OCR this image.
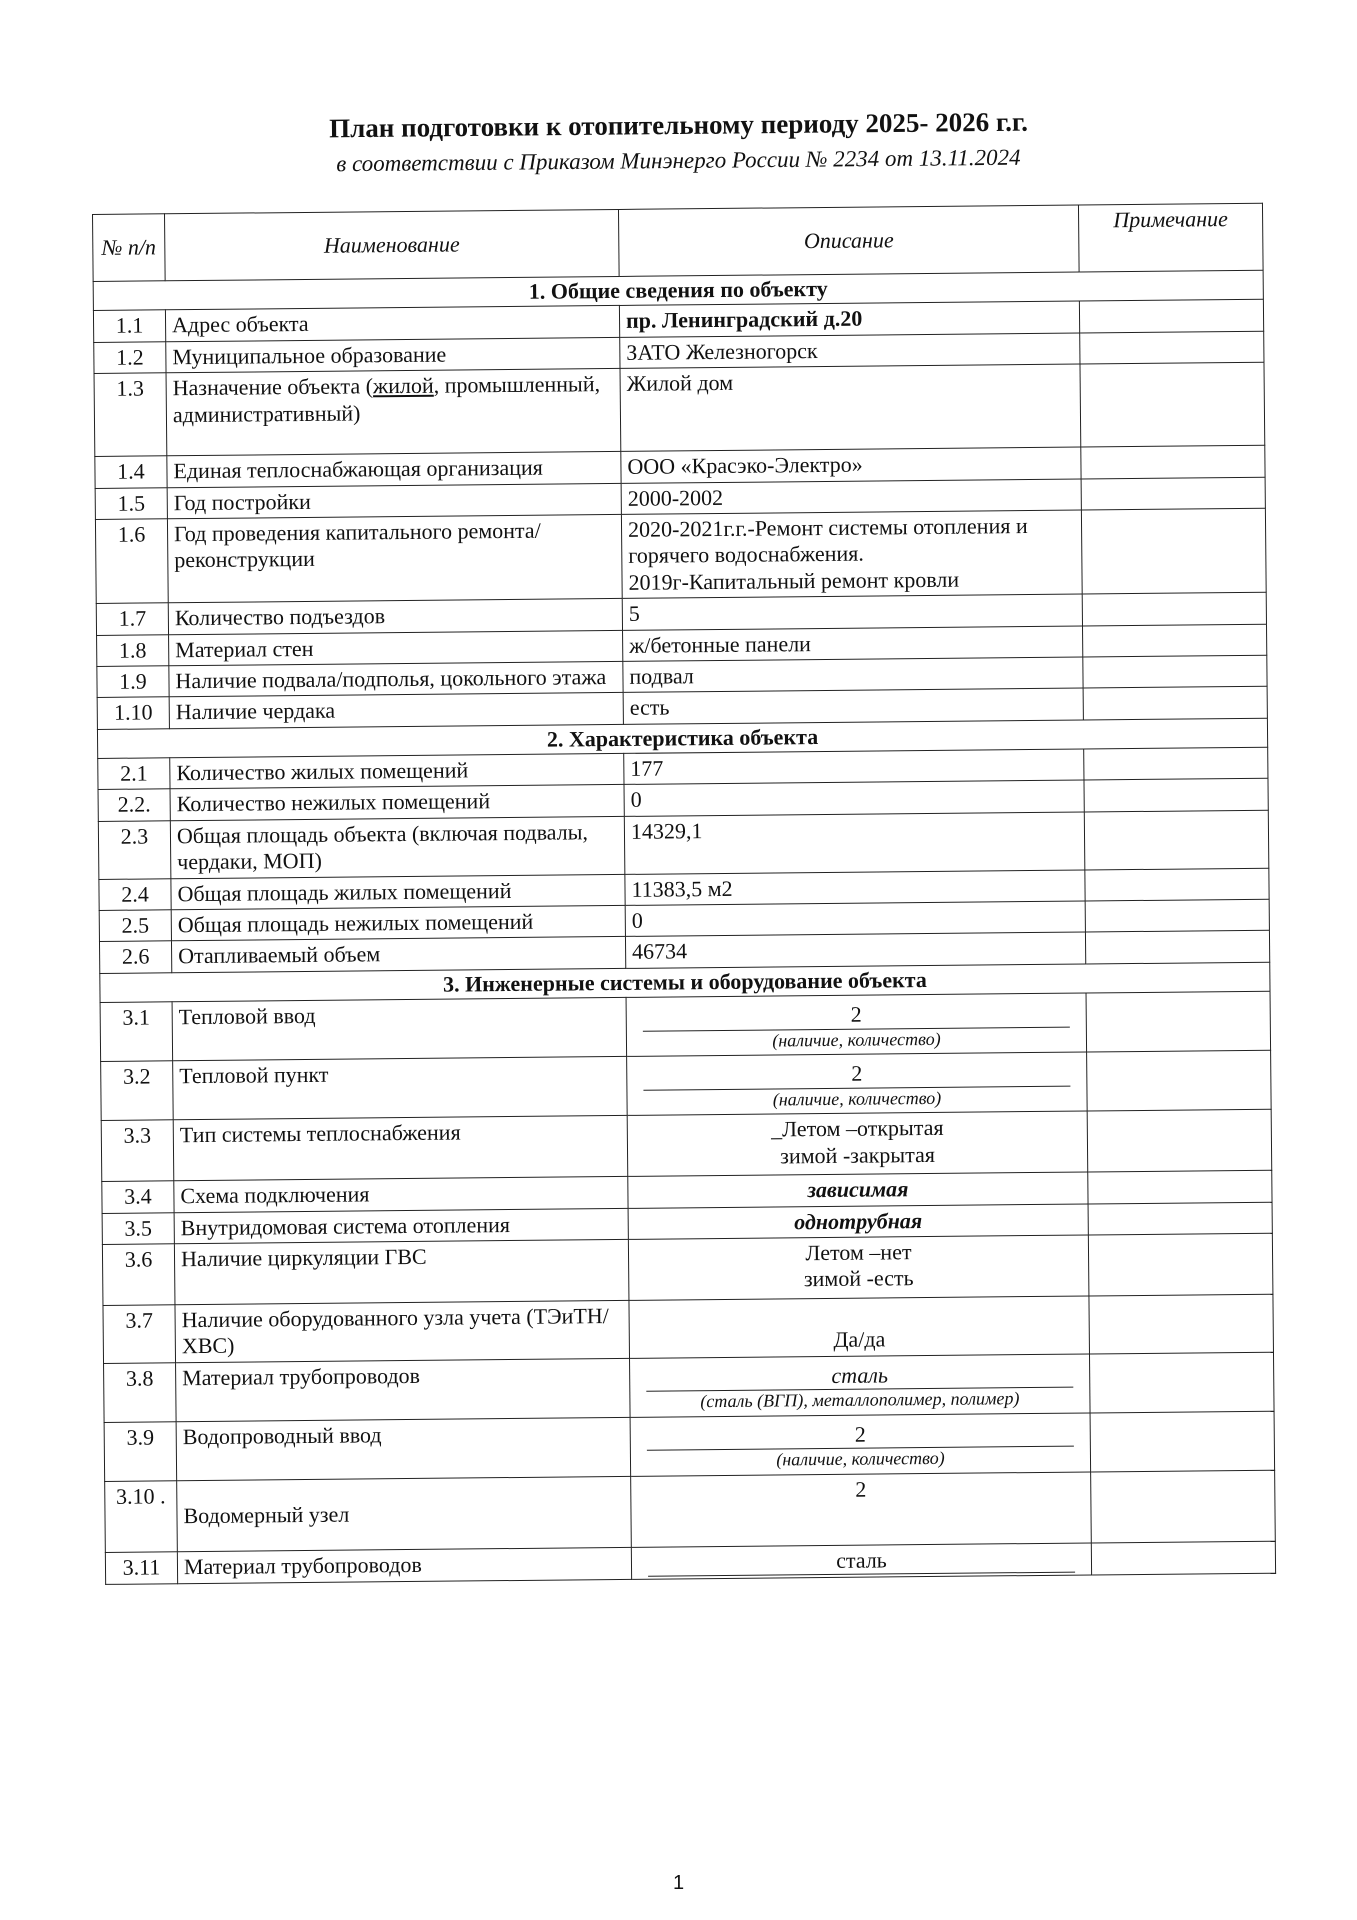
План подготовки к отопительному периоду 2025- 2026 г.г.
в соответствии с Приказом Минэнерго России № 2234 от 13.11.2024
№ п/п	Наименование	Описание	Примечание
1. Общие сведения по объекту			
1.1	Адрес объекта	пр. Ленинградский д.20	
1.2	Муниципальное образование	ЗАТО Железногорск	
1.3	Назначение объекта (жилой, промышленный, административный)	Жилой дом	
1.4	Единая теплоснабжающая организация	ООО «Красэко-Электро»	
1.5	Год постройки	2000-2002	
1.6	Год проведения капитального ремонта/реконструкции	2020-2021г.г.-Ремонт системы отопления и горячего водоснабжения.
2019г-Капитальный ремонт кровли	

1.7	Количество подъездов	5	
1.8	Материал стен	ж/бетонные панели	
1.9	Наличие подвала/подполья, цокольного этажа	подвал	
1.10	Наличие чердака	есть	
2. Характеристика объекта			
2.1	Количество жилых помещений	177	
2.2.	Количество нежилых помещений	0	
2.3	Общая площадь объекта (включая подвалы, чердаки, МОП)	14329,1	
2.4	Общая площадь жилых помещений	11383,5 м2	
2.5	Общая площадь нежилых помещений	0	
2.6	Отапливаемый объем	46734	
3. Инженерные системы и оборудование объекта			
3.1	Тепловой ввод	2
(наличие, количество)	

3.2	Тепловой пункт	2
(наличие, количество)	

3.3	Тип системы теплоснабжения	_Летом –открытая
зимой -закрытая	

3.4	Схема подключения	зависимая	
3.5	Внутридомовая система отопления	однотрубная	
3.6	Наличие циркуляции ГВС	Летом –нет
зимой -есть	

3.7	Наличие оборудованного узла учета (ТЭиТН/ХВС)	Да/да	
3.8	Материал трубопроводов	сталь
(сталь (ВГП), металлополимер, полимер)	

3.9	Водопроводный ввод	2
(наличие, количество)	

3.10 .	Водомерный узел	2	
3.11	Материал трубопроводов	сталь	

1
